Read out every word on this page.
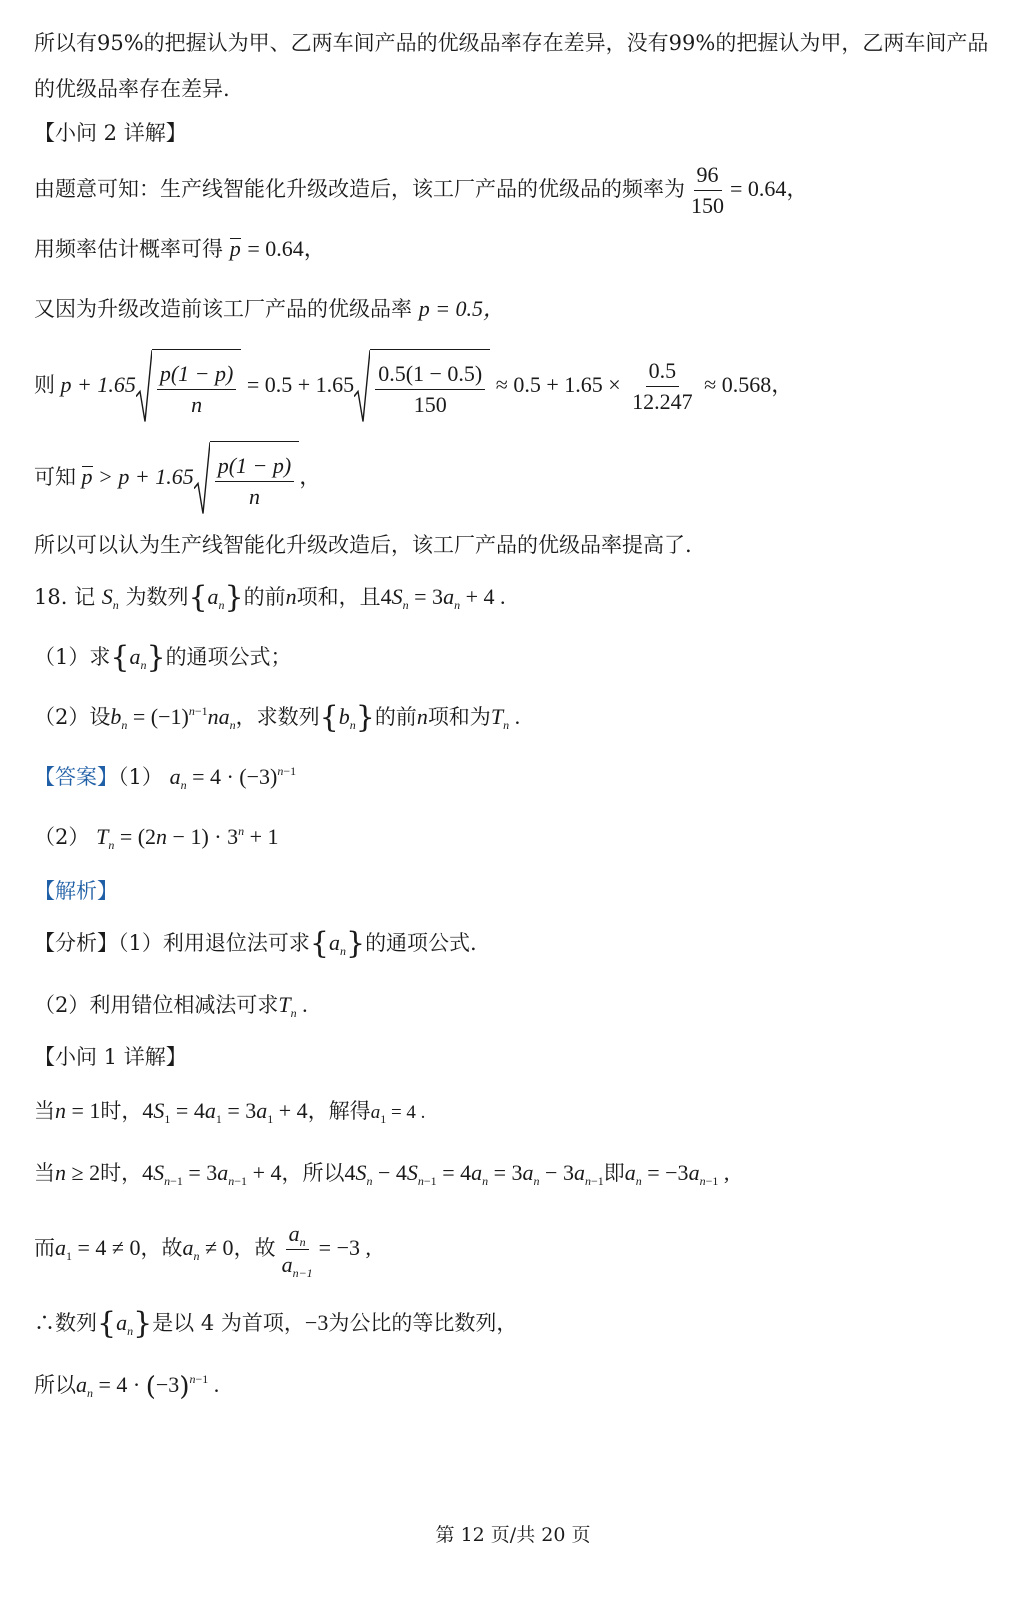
所以有95%的把握认为甲、乙两车间产品的优级品率存在差异，没有99%的把握认为甲，乙两车间产品
的优级品率存在差异.
【小问 2 详解】
由题意可知：生产线智能化升级改造后，该工厂产品的优级品的频率为 $\frac{96}{150} = 0.64$，
用频率估计概率可得 p = 0.64，
又因为升级改造前该工厂产品的优级品率 p = 0.5，
则 $p + 1.65 \frac{p(1 - p)}{n} = 0.5 + 1.65 \frac{0.5(1 - 0.5)}{150} \approx 0.5 + 1.65 \times \frac{0.5}{12.247} \approx 0.568$，
可知 $p > p + 1.65 \frac{p(1 - p)}{n}$ ，
所以可以认为生产线智能化升级改造后，该工厂产品的优级品率提高了.
18. 记 $S_n$ 为数列$\{a_n\}$的前n项和，且$4S_n = 3a_n + 4$ .
（1）求$\{a_n\}$的通项公式；
（2）设$b_n = (-1)^{n-1}na_n$，求数列$\{b_n\}$的前n项和为$T_n$ .
【答案】（1） $a_n = 4 \cdot (-3)^{n-1}$
（2） $T_n = (2n - 1) \cdot 3^n + 1$
【解析】
【分析】（1）利用退位法可求$\{a_n\}$的通项公式.
（2）利用错位相减法可求$T_n$ .
【小问 1 详解】
当n = 1时，$4S_1 = 4a_1 = 3a_1 + 4$，解得$a_1 = 4$ .
当n ≥ 2时，$4S_{n-1} = 3a_{n-1} + 4$，所以$4S_n - 4S_{n-1} = 4a_n = 3a_n - 3a_{n-1}$即$a_n = -3a_{n-1}$ ,
而$a_1 = 4 \ne 0$，故$a_n \ne 0$，故 $\frac{a_n}{a_{n-1}} = -3$ ,
∴数列$\{a_n\}$是以 4 为首项，−3为公比的等比数列，
所以$a_n = 4 \cdot (-3)^{n-1}$ .
第 12 页/共 20 页
